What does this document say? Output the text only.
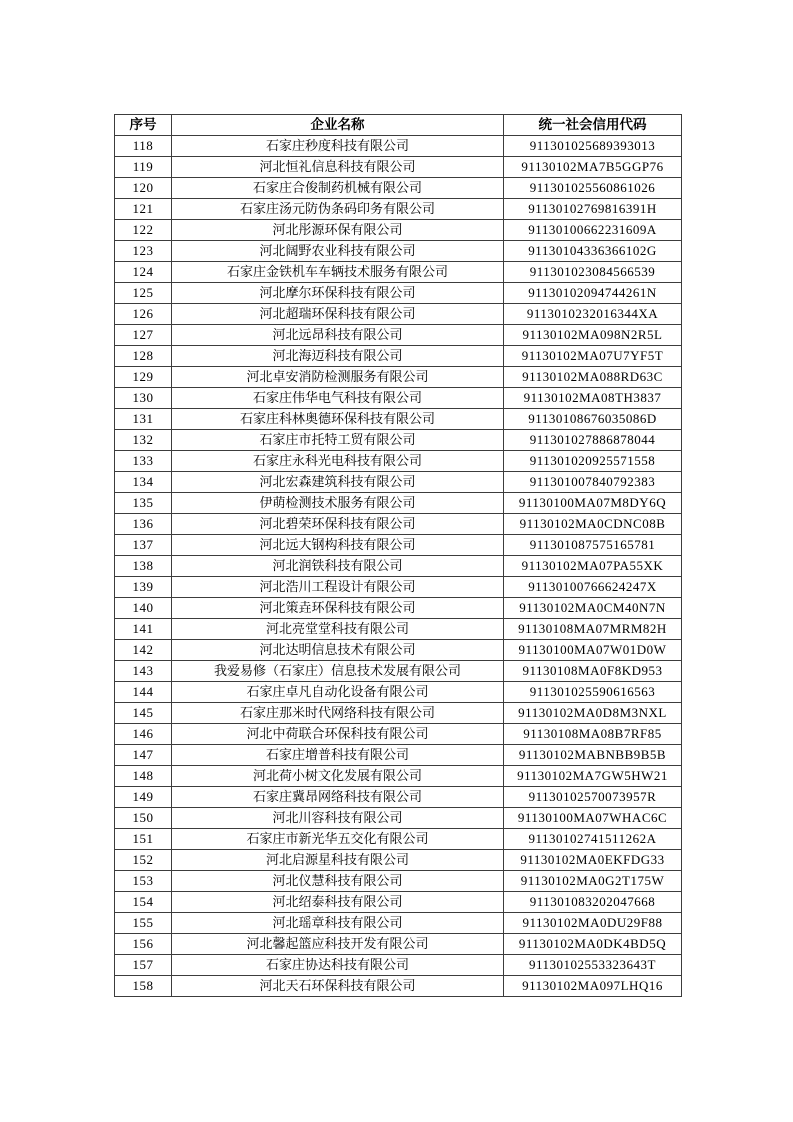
序号	企业名称	统一社会信用代码
118	石家庄秒度科技有限公司	911301025689393013
119	河北恒礼信息科技有限公司	91130102MA7B5GGP76
120	石家庄合俊制药机械有限公司	911301025560861026
121	石家庄汤元防伪条码印务有限公司	91130102769816391H
122	河北彤源环保有限公司	91130100662231609A
123	河北阔野农业科技有限公司	91130104336366102G
124	石家庄金铁机车车辆技术服务有限公司	911301023084566539
125	河北摩尔环保科技有限公司	91130102094744261N
126	河北超瑞环保科技有限公司	9113010232016344XA
127	河北远昂科技有限公司	91130102MA098N2R5L
128	河北海迈科技有限公司	91130102MA07U7YF5T
129	河北卓安消防检测服务有限公司	91130102MA088RD63C
130	石家庄伟华电气科技有限公司	91130102MA08TH3837
131	石家庄科林奥德环保科技有限公司	91130108676035086D
132	石家庄市托特工贸有限公司	911301027886878044
133	石家庄永科光电科技有限公司	911301020925571558
134	河北宏森建筑科技有限公司	911301007840792383
135	伊萌检测技术服务有限公司	91130100MA07M8DY6Q
136	河北碧荣环保科技有限公司	91130102MA0CDNC08B
137	河北远大钢构科技有限公司	911301087575165781
138	河北润铁科技有限公司	91130102MA07PA55XK
139	河北浩川工程设计有限公司	91130100766624247X
140	河北策垚环保科技有限公司	91130102MA0CM40N7N
141	河北亮堂堂科技有限公司	91130108MA07MRM82H
142	河北达明信息技术有限公司	91130100MA07W01D0W
143	我爱易修（石家庄）信息技术发展有限公司	91130108MA0F8KD953
144	石家庄卓凡自动化设备有限公司	911301025590616563
145	石家庄那米时代网络科技有限公司	91130102MA0D8M3NXL
146	河北中荷联合环保科技有限公司	91130108MA08B7RF85
147	石家庄增普科技有限公司	91130102MABNBB9B5B
148	河北荷小树文化发展有限公司	91130102MA7GW5HW21
149	石家庄冀昂网络科技有限公司	91130102570073957R
150	河北川容科技有限公司	91130100MA07WHAC6C
151	石家庄市新光华五交化有限公司	91130102741511262A
152	河北启源星科技有限公司	91130102MA0EKFDG33
153	河北仪慧科技有限公司	91130102MA0G2T175W
154	河北绍泰科技有限公司	911301083202047668
155	河北瑶章科技有限公司	91130102MA0DU29F88
156	河北馨起篮应科技开发有限公司	91130102MA0DK4BD5Q
157	石家庄协达科技有限公司	91130102553323643T
158	河北天石环保科技有限公司	91130102MA097LHQ16
